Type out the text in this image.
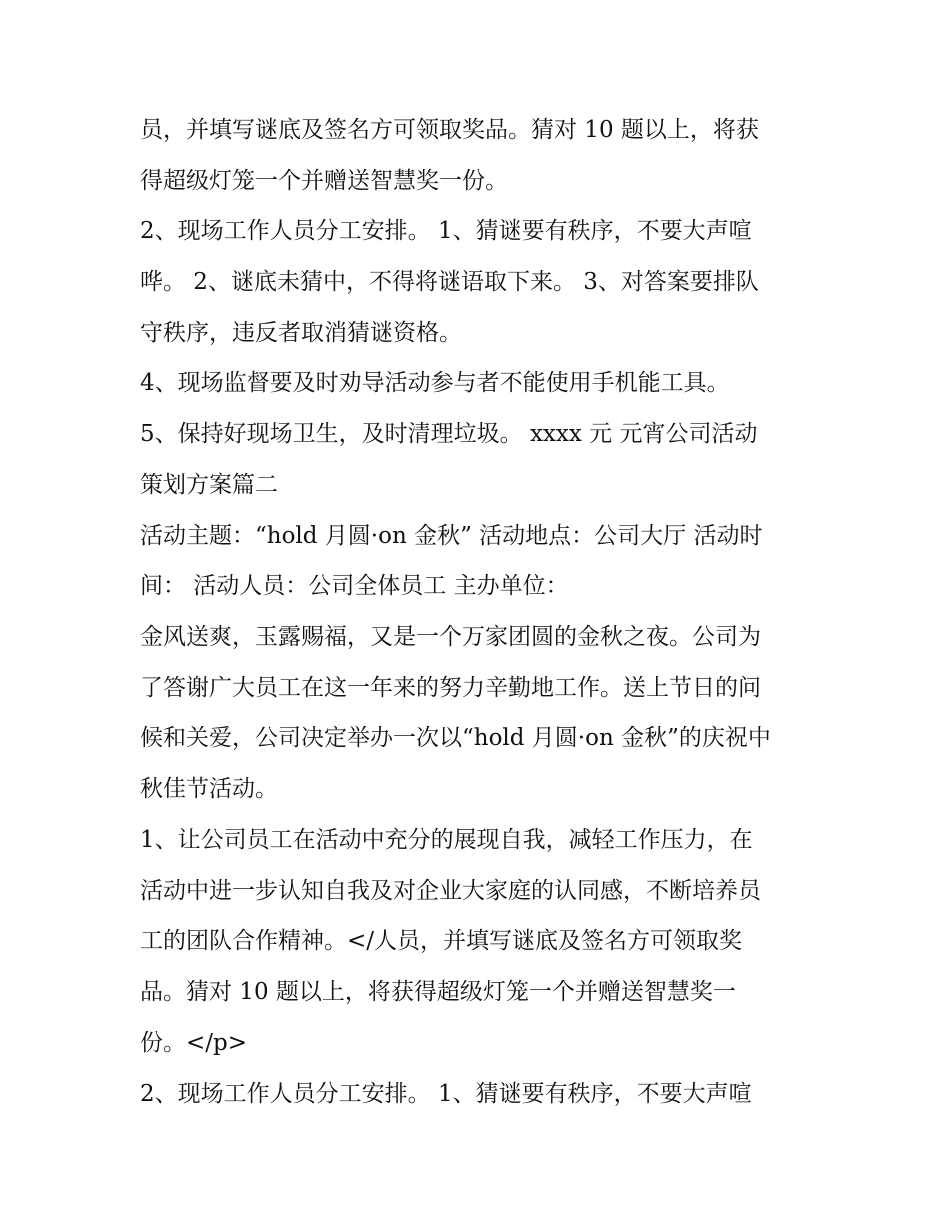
员，并填写谜底及签名方可领取奖品。猜对 10 题以上，将获
得超级灯笼一个并赠送智慧奖一份。
2、现场工作人员分工安排。 1、猜谜要有秩序，不要大声喧
哗。 2、谜底未猜中，不得将谜语取下来。 3、对答案要排队
守秩序，违反者取消猜谜资格。
4、现场监督要及时劝导活动参与者不能使用手机能工具。
5、保持好现场卫生，及时清理垃圾。 xxxx 元 元宵公司活动
策划方案篇二
活动主题：“hold 月圆·on 金秋” 活动地点：公司大厅 活动时
间： 活动人员：公司全体员工 主办单位：
金风送爽，玉露赐福，又是一个万家团圆的金秋之夜。公司为
了答谢广大员工在这一年来的努力辛勤地工作。送上节日的问
候和关爱，公司决定举办一次以“hold 月圆·on 金秋”的庆祝中
秋佳节活动。
1、让公司员工在活动中充分的展现自我，减轻工作压力，在
活动中进一步认知自我及对企业大家庭的认同感，不断培养员
工的团队合作精神。</人员，并填写谜底及签名方可领取奖
品。猜对 10 题以上，将获得超级灯笼一个并赠送智慧奖一
份。</p>
2、现场工作人员分工安排。 1、猜谜要有秩序，不要大声喧
